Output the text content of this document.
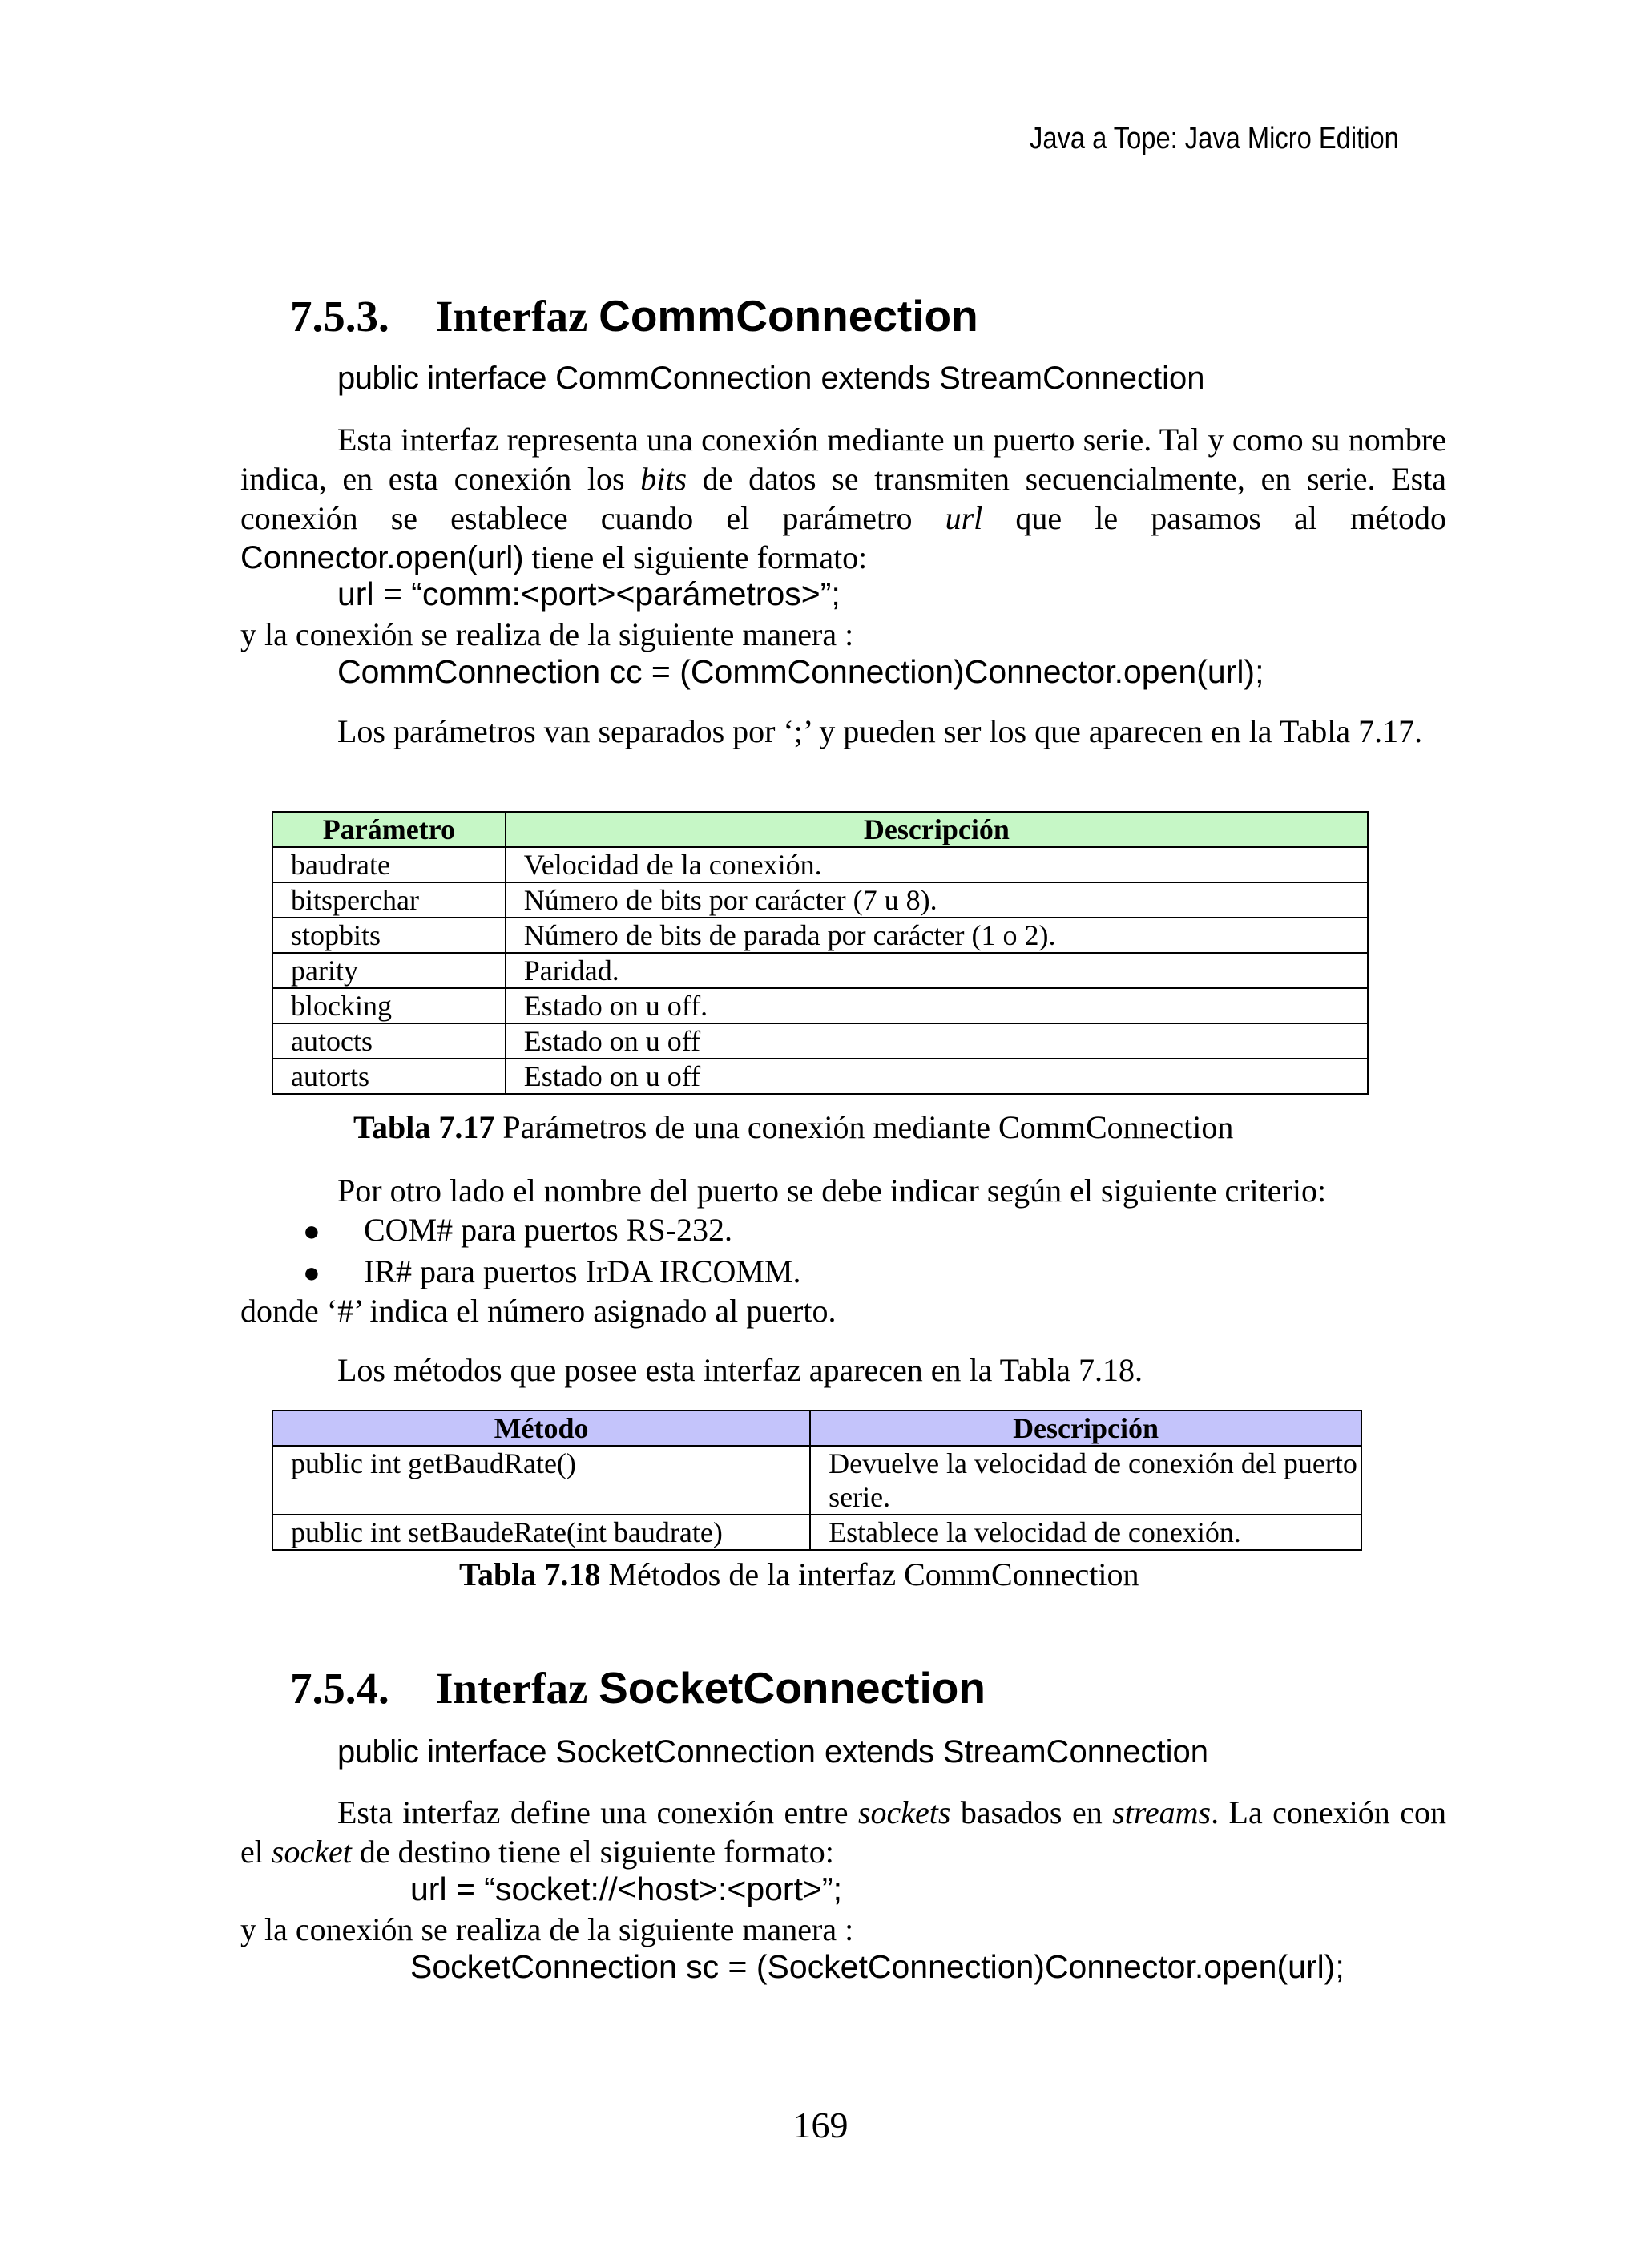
Java a Tope: Java Micro Edition
7.5.3. Interfaz CommConnection
public interface CommConnection extends StreamConnection
Esta interfaz representa una conexión mediante un puerto serie. Tal y como su nombre indica, en esta conexión los bits de datos se transmiten secuencialmente, en serie. Esta conexión se establece cuando el parámetro url que le pasamos al método Connector.open(url) tiene el siguiente formato:
url = “comm:<port><parámetros>”;
y la conexión se realiza de la siguiente manera :
CommConnection cc = (CommConnection)Connector.open(url);
Los parámetros van separados por ‘;’ y pueden ser los que aparecen en la Tabla 7.17.
Parámetro	Descripción
baudrate	Velocidad de la conexión.
bitsperchar	Número de bits por carácter (7 u 8).
stopbits	Número de bits de parada por carácter (1 o 2).
parity	Paridad.
blocking	Estado on u off.
autocts	Estado on u off
autorts	Estado on u off
Tabla 7.17 Parámetros de una conexión mediante CommConnection
Por otro lado el nombre del puerto se debe indicar según el siguiente criterio:
● COM# para puertos RS-232.
● IR# para puertos IrDA IRCOMM.
donde ‘#’ indica el número asignado al puerto.
Los métodos que posee esta interfaz aparecen en la Tabla 7.18.
Método	Descripción
public int getBaudRate()	Devuelve la velocidad de conexión del puerto serie.
public int setBaudeRate(int baudrate)	Establece la velocidad de conexión.
Tabla 7.18 Métodos de la interfaz CommConnection
7.5.4. Interfaz SocketConnection
public interface SocketConnection extends StreamConnection
Esta interfaz define una conexión entre sockets basados en streams. La conexión con el socket de destino tiene el siguiente formato:
url = “socket://<host>:<port>”;
y la conexión se realiza de la siguiente manera :
SocketConnection sc = (SocketConnection)Connector.open(url);
169
